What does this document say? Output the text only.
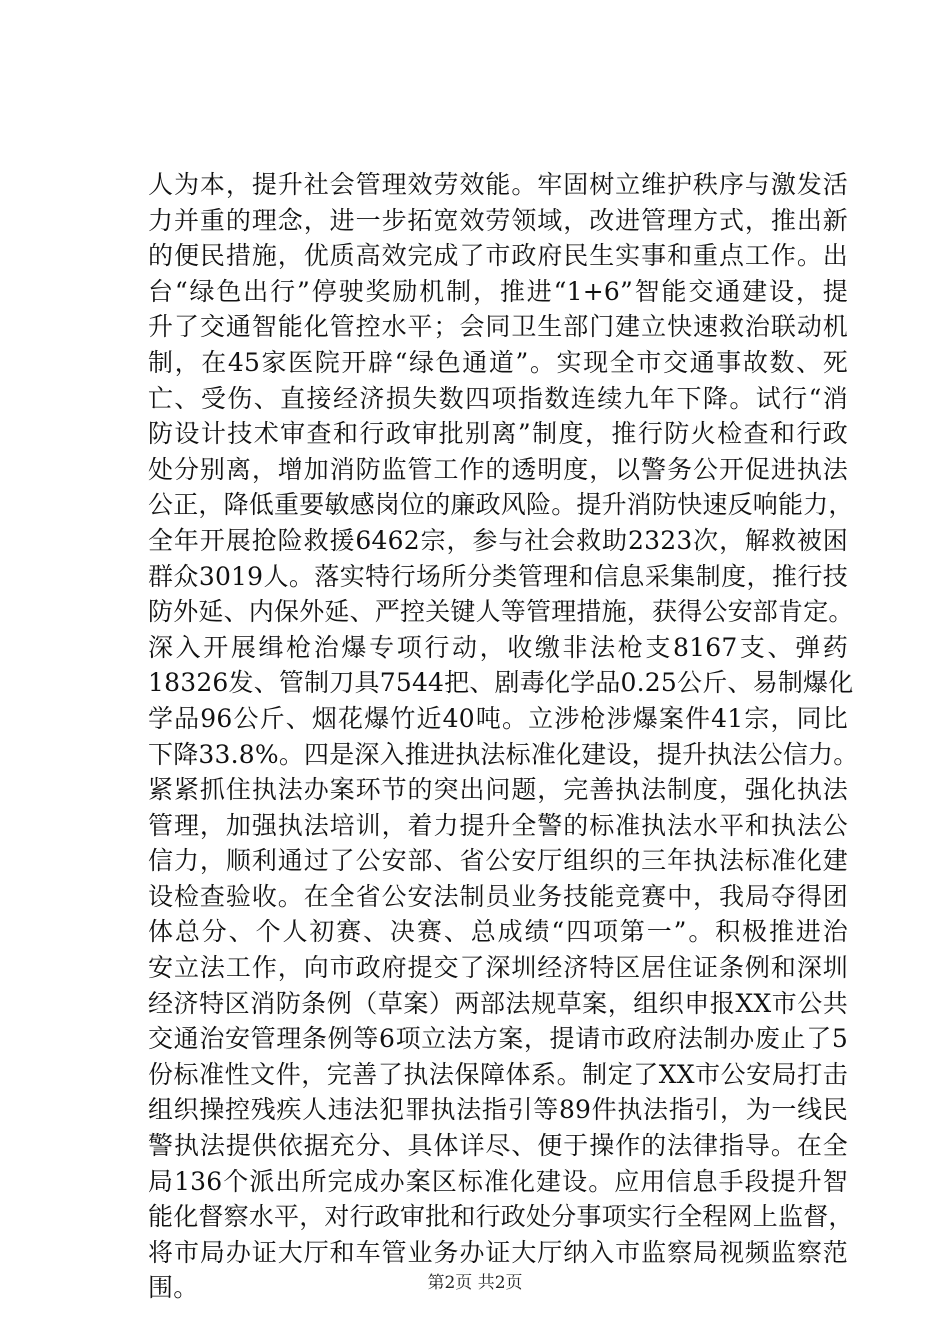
人为本，提升社会管理效劳效能。牢固树立维护秩序与激发活
力并重的理念，进一步拓宽效劳领域，改进管理方式，推出新
的便民措施，优质高效完成了市政府民生实事和重点工作。出
台“绿色出行”停驶奖励机制，推进“1+6”智能交通建设，提
升了交通智能化管控水平；会同卫生部门建立快速救治联动机
制，在45家医院开辟“绿色通道”。实现全市交通事故数、死
亡、受伤、直接经济损失数四项指数连续九年下降。试行“消
防设计技术审查和行政审批别离”制度，推行防火检查和行政
处分别离，增加消防监管工作的透明度，以警务公开促进执法
公正，降低重要敏感岗位的廉政风险。提升消防快速反响能力，
全年开展抢险救援6462宗，参与社会救助2323次，解救被困
群众3019人。落实特行场所分类管理和信息采集制度，推行技
防外延、内保外延、严控关键人等管理措施，获得公安部肯定。
深入开展缉枪治爆专项行动，收缴非法枪支8167支、弹药
18326发、管制刀具7544把、剧毒化学品0.25公斤、易制爆化
学品96公斤、烟花爆竹近40吨。立涉枪涉爆案件41宗，同比
下降33.8%。四是深入推进执法标准化建设，提升执法公信力。
紧紧抓住执法办案环节的突出问题，完善执法制度，强化执法
管理，加强执法培训，着力提升全警的标准执法水平和执法公
信力，顺利通过了公安部、省公安厅组织的三年执法标准化建
设检查验收。在全省公安法制员业务技能竞赛中，我局夺得团
体总分、个人初赛、决赛、总成绩“四项第一”。积极推进治
安立法工作，向市政府提交了深圳经济特区居住证条例和深圳
经济特区消防条例（草案）两部法规草案，组织申报XX市公共
交通治安管理条例等6项立法方案，提请市政府法制办废止了5
份标准性文件，完善了执法保障体系。制定了XX市公安局打击
组织操控残疾人违法犯罪执法指引等89件执法指引，为一线民
警执法提供依据充分、具体详尽、便于操作的法律指导。在全
局136个派出所完成办案区标准化建设。应用信息手段提升智
能化督察水平，对行政审批和行政处分事项实行全程网上监督，
将市局办证大厅和车管业务办证大厅纳入市监察局视频监察范
围。	第2页 共2页
